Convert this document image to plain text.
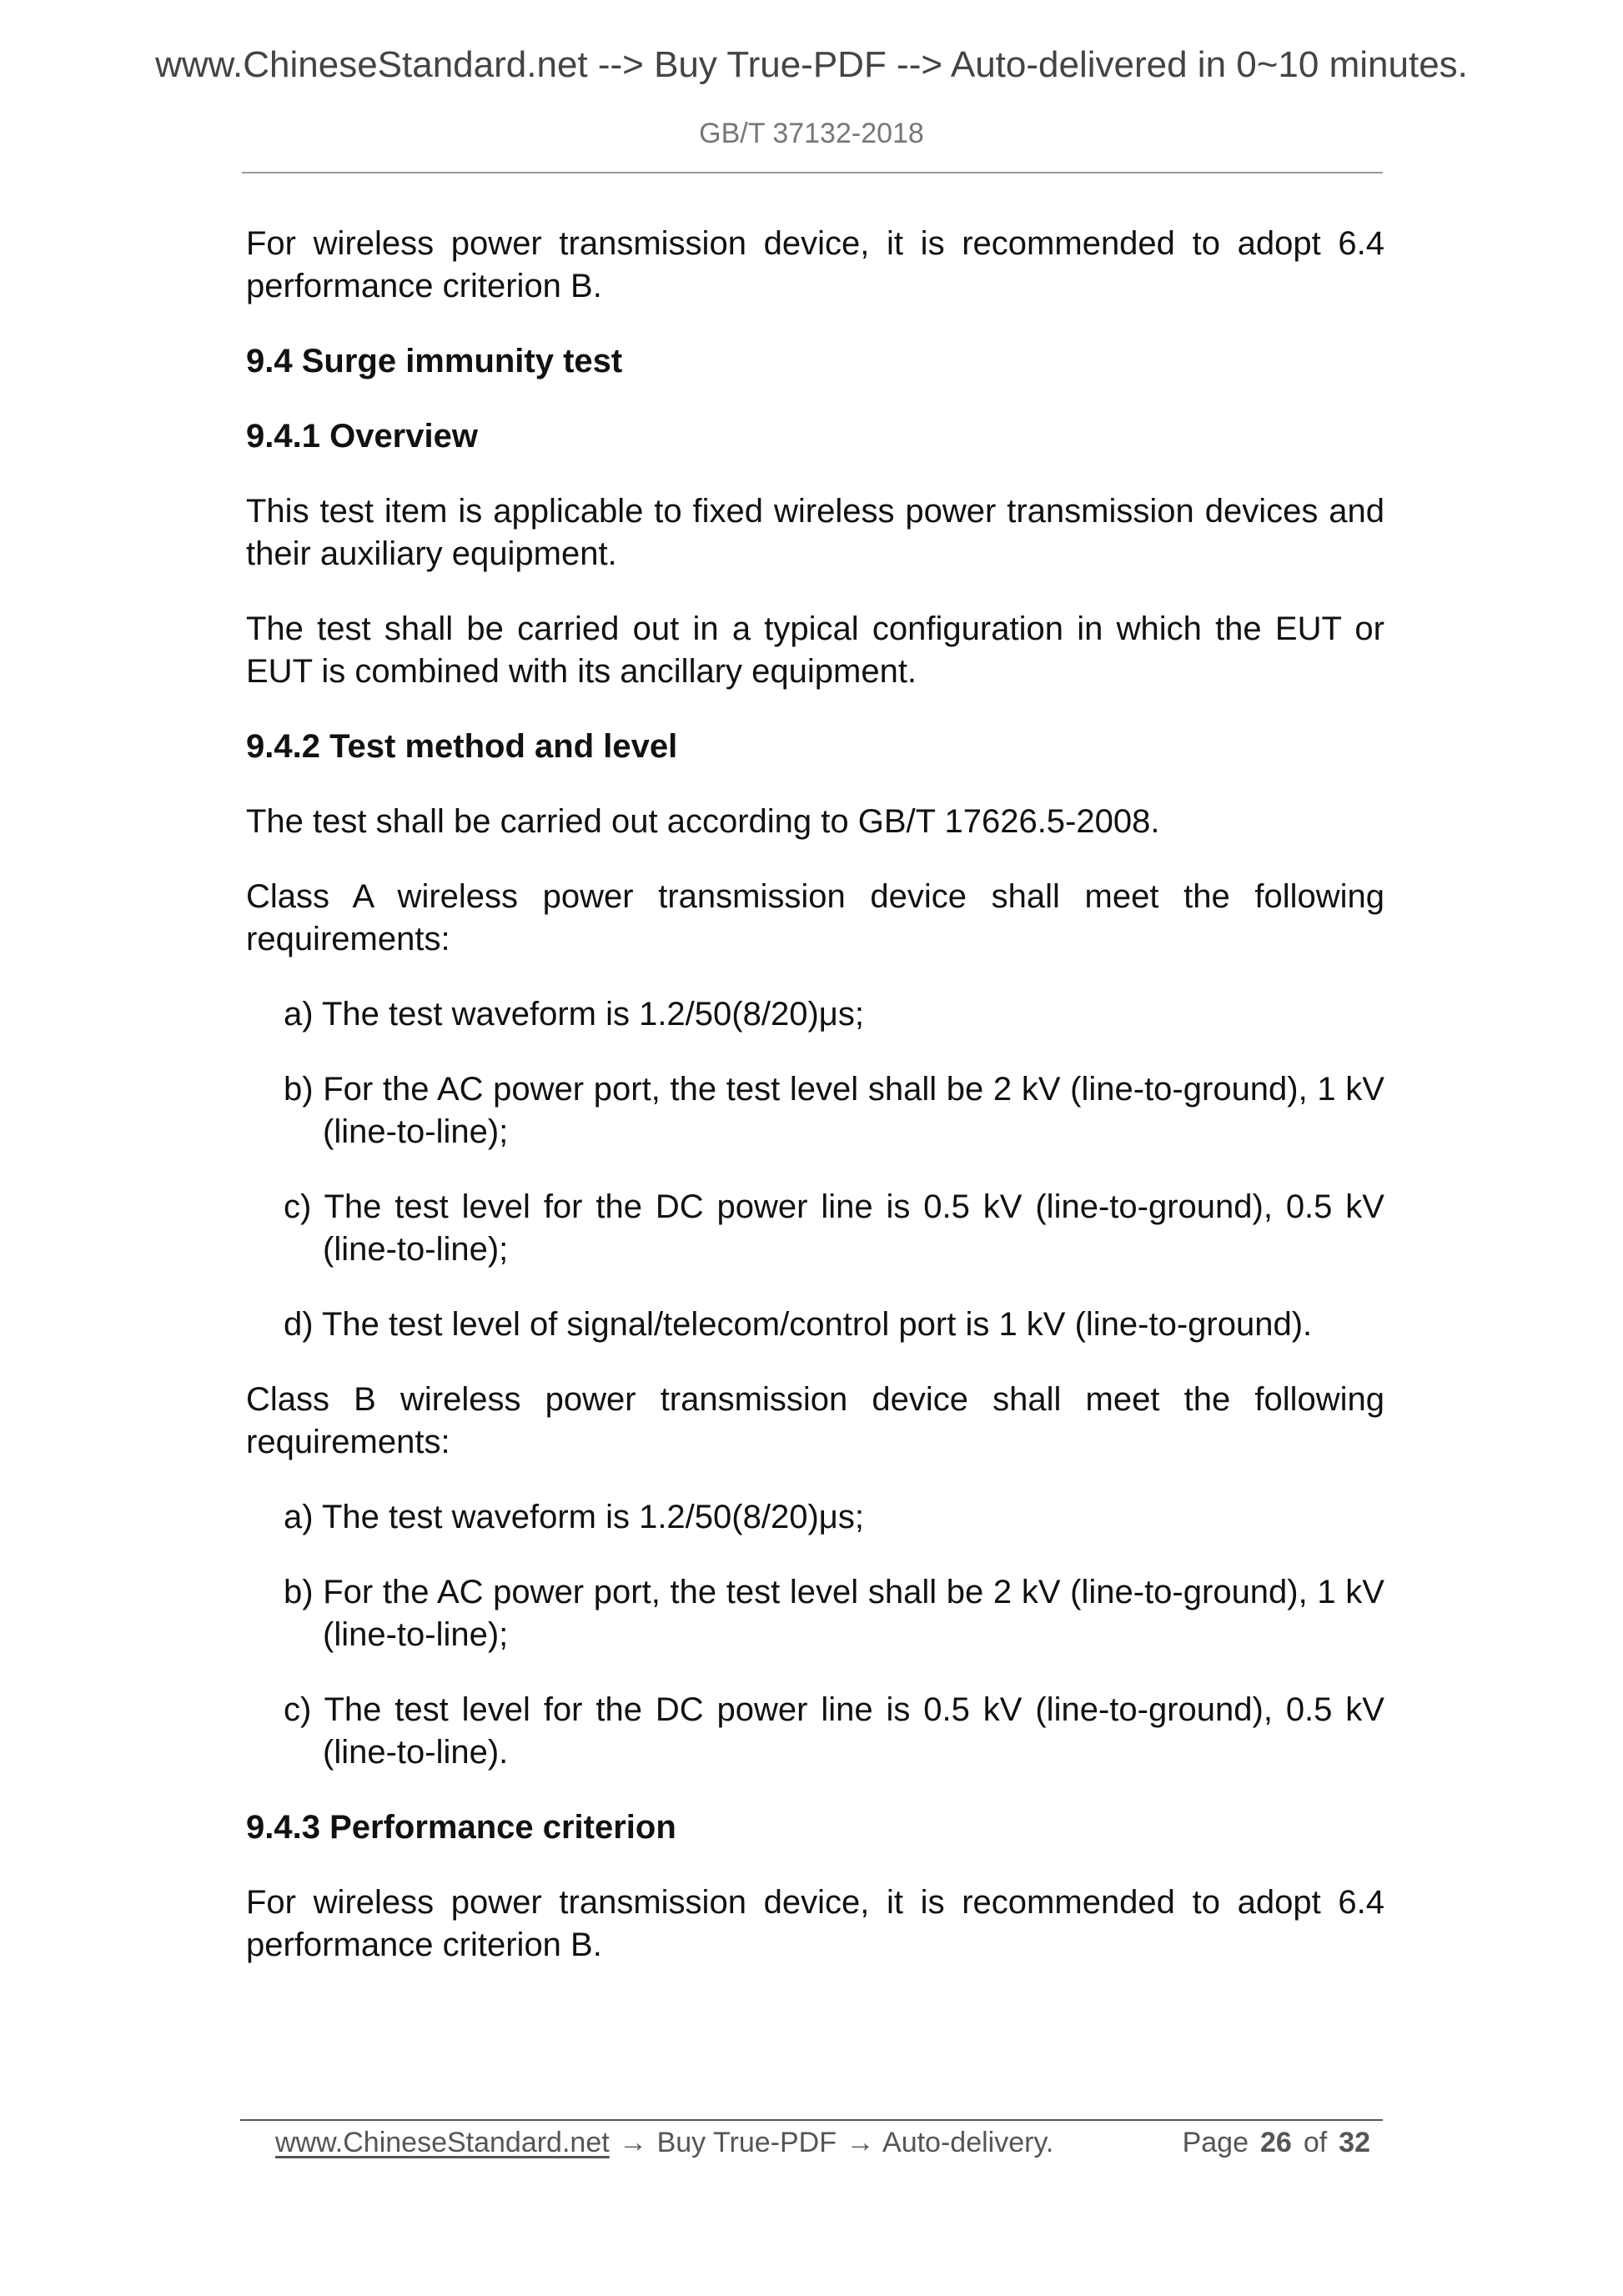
www.ChineseStandard.net --> Buy True-PDF --> Auto-delivered in 0~10 minutes.
GB/T 37132-2018

For wireless power transmission device, it is recommended to adopt 6.4 performance criterion B.

9.4 Surge immunity test
9.4.1 Overview

This test item is applicable to fixed wireless power transmission devices and their auxiliary equipment.

The test shall be carried out in a typical configuration in which the EUT or EUT is combined with its ancillary equipment.

9.4.2 Test method and level

The test shall be carried out according to GB/T 17626.5-2008.

Class A wireless power transmission device shall meet the following requirements:

a) The test waveform is 1.2/50(8/20)μs;
b) For the AC power port, the test level shall be 2 kV (line-to-ground), 1 kV (line-to-line);
c) The test level for the DC power line is 0.5 kV (line-to-ground), 0.5 kV (line-to-line);
d) The test level of signal/telecom/control port is 1 kV (line-to-ground).

Class B wireless power transmission device shall meet the following requirements:

a) The test waveform is 1.2/50(8/20)μs;
b) For the AC power port, the test level shall be 2 kV (line-to-ground), 1 kV (line-to-line);
c) The test level for the DC power line is 0.5 kV (line-to-ground), 0.5 kV (line-to-line).
9.4.3 Performance criterion

For wireless power transmission device, it is recommended to adopt 6.4 performance criterion B.

www.ChineseStandard.net → Buy True-PDF → Auto-delivery.	Page 26 of 32
